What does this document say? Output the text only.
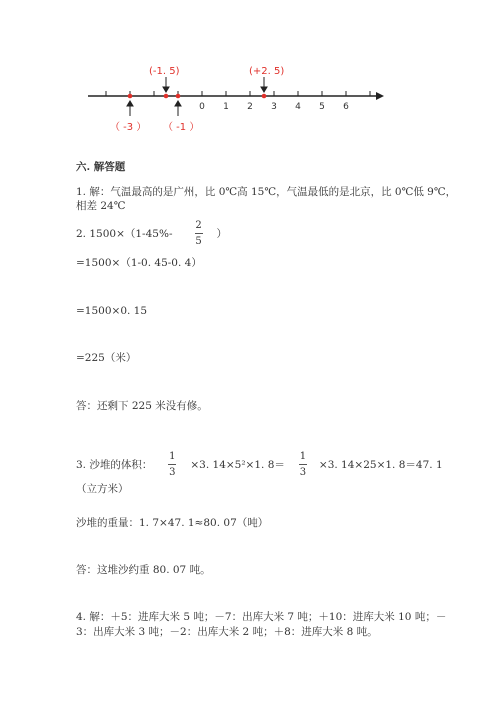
0 1 2 3 4 5 6
(-1. 5)	(+2. 5)
（ -3 ） （ -1 ）
六. 解答题
1. 解：气温最高的是广州，比 0℃高 15℃，气温最低的是北京，比 0℃低 9℃，
相差 24℃
2. $1500\times(1-45\%- \frac{2}{5}$ ）
=1500×（1-0. 45-0. 4）
=1500×0. 15
=225（米）
答：还剩下 225 米没有修。
3. 沙堆的体积： $\frac{1}{3} \times 3$. 14×5²×1. $8= \frac{1}{3} \times 3$. 14×25×1. 8＝47. 1
（立方米）
沙堆的重量：1. 7×47. 1≈80. 07（吨）
答：这堆沙约重 80. 07 吨。
4. 解：＋5：进库大米 5 吨；－7：出库大米 7 吨；＋10：进库大米 10 吨；－
3：出库大米 3 吨；－2：出库大米 2 吨；＋8：进库大米 8 吨。
